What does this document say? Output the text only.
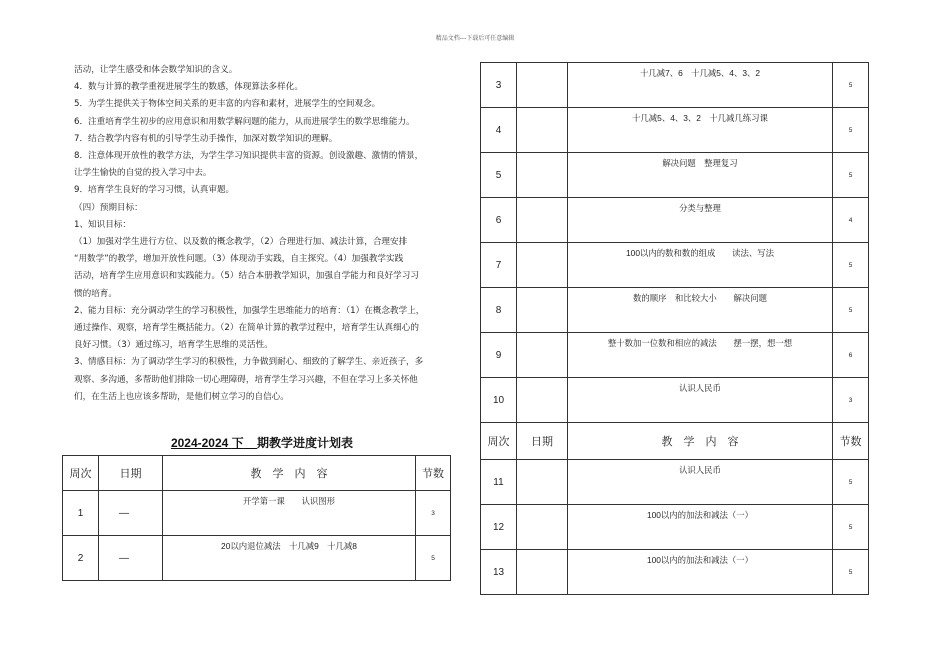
精品文档---下载后可任意编辑

活动，让学生感受和体会数学知识的含义。

4．数与计算的教学重视进展学生的数感，体现算法多样化。

5．为学生提供关于物体空间关系的更丰富的内容和素材，进展学生的空间观念。

6．注重培育学生初步的应用意识和用数学解问题的能力，从而进展学生的数学思维能力。

7．结合教学内容有机的引导学生动手操作，加深对数学知识的理解。

8．注意体现开放性的教学方法，为学生学习知识提供丰富的资源。创设激趣、激情的情景，

让学生愉快的自觉的投入学习中去。

9．培育学生良好的学习习惯，认真审题。

（四）预期目标：

1、知识目标：

（1）加强对学生进行方位、以及数的概念教学，（2）合理进行加、减法计算，合理安排

“用数学”的教学，增加开放性问题。（3）体现动手实践，自主探究。（4）加强教学实践

活动，培育学生应用意识和实践能力。（5）结合本册教学知识，加强自学能力和良好学习习

惯的培育。

2、能力目标：充分调动学生的学习积极性，加强学生思维能力的培育：（1）在概念教学上，

通过操作、观察，培育学生概括能力。（2）在简单计算的教学过程中，培育学生认真细心的

良好习惯。（3）通过练习，培育学生思维的灵活性。

3、情感目标：为了调动学生学习的积极性，力争做到耐心、细致的了解学生、亲近孩子，多

观察、多沟通，多帮助他们排除一切心理障碍，培育学生学习兴趣，不但在学习上多关怀他

们，在生活上也应该多帮助，是他们树立学习的自信心。

2024-2024 下 期教学进度计划表
周次	日期	教　学　内　容	节数
1	—	开学第一课　　认识图形	3
2	—	20以内退位减法　十几减9　十几减8	5
3		十几减7、6　十几减5、4、3、2	5
4		十几减5、4、3、2　十几减几练习课	5
5		解决问题　整理复习	5
6		分类与整理	4
7		100以内的数和数的组成　　读法、写法	5
8		数的顺序　和比较大小　　解决问题	5
9		整十数加一位数和相应的减法　　摆一摆，想一想	6
10		认识人民币	3
周次	日期	教　学　内　容	节数
11		认识人民币	5
12		100以内的加法和减法（一）	5
13		100以内的加法和减法（一）	5
